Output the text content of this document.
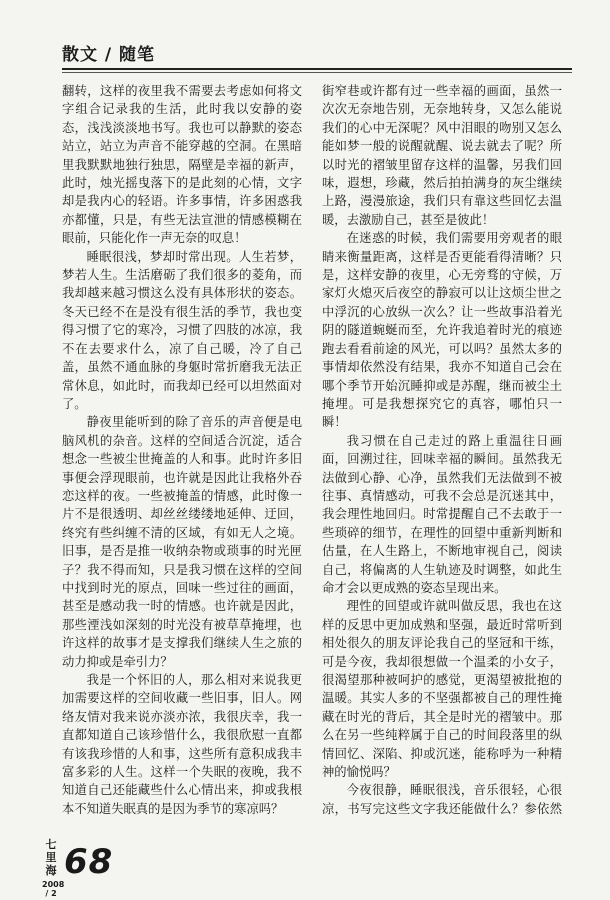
散文 / 随笔

翻转，这样的夜里我不需要去考虑如何将文字组合记录我的生活，此时我以安静的姿态，浅浅淡淡地书写。我也可以静默的姿态站立，站立为声音不能穿越的空洞。在黑暗里我默默地独行独思，隔壁是幸福的新声，此时，烛光摇曳落下的是此刻的心情，文字却是我内心的轻语。许多事情，许多困惑我亦都懂，只是，有些无法宣泄的情感模糊在眼前，只能化作一声无奈的叹息！

睡眠很浅，梦却时常出现。人生若梦，梦若人生。生活磨砺了我们很多的菱角，而我却越来越习惯这么没有具体形状的姿态。冬天已经不在是没有很生活的季节，我也变得习惯了它的寒冷，习惯了四肢的冰凉，我不在去要求什么，凉了自己暖，冷了自己盖，虽然不通血脉的身躯时常折磨我无法正常休息，如此时，而我却已经可以坦然面对了。

静夜里能听到的除了音乐的声音便是电脑风机的杂音。这样的空间适合沉淀，适合想念一些被尘世掩盖的人和事。此时许多旧事便会浮现眼前，也许就是因此让我格外吞恋这样的夜。一些被掩盖的情感，此时像一片不是很透明、却丝丝缕缕地延伸、迂回，终究有些纠缠不清的区域，有如无人之境。旧事，是否是推一收纳杂物或琐事的时光匣子？我不得而知，只是我习惯在这样的空间中找到时光的原点，回味一些过往的画面，甚至是感动我一时的情感。也许就是因此，那些湮浅如深刻的时光没有被草草掩埋，也许这样的故事才是支撑我们继续人生之旅的动力抑或是牵引力？

我是一个怀旧的人，那么相对来说我更加需要这样的空间收藏一些旧事，旧人。网络友情对我来说亦淡亦浓，我很庆幸，我一直都知道自己该珍惜什么，我很欣慰一直都有该我珍惜的人和事，这些所有意积成我丰富多彩的人生。这样一个失眠的夜晚，我不知道自己还能藏些什么心情出来，抑或我根本不知道失眠真的是因为季节的寒凉吗？

街窄巷或许都有过一些幸福的画面，虽然一次次无奈地告别，无奈地转身，又怎么能说我们的心中无深呢？风中泪眼的吻别又怎么能如梦一般的说醒就醒、说去就去了呢？所以时光的褶皱里留存这样的温馨，另我们回味，遐想，珍藏，然后拍拍满身的灰尘继续上路，漫漫旅途，我们只有靠这些回忆去温暖，去激励自己，甚至是彼此！

在迷惑的时候，我们需要用旁观者的眼睛来衡量距离，这样是否更能看得清晰？只是，这样安静的夜里，心无旁骛的守候，万家灯火熄灭后夜空的静寂可以让这烦尘世之中浮沉的心放纵一次么？让一些故事沿着光阴的隧道蜿蜒而至，允许我追着时光的痕迹跑去看看前途的风光，可以吗？虽然太多的事情却依然没有结果，我亦不知道自己会在哪个季节开始沉睡抑或是苏醒，继而被尘土掩埋。可是我想探究它的真容，哪怕只一瞬！

我习惯在自己走过的路上重温往日画面，回溯过往，回味幸福的瞬间。虽然我无法做到心静、心净，虽然我们无法做到不被往事、真情感动，可我不会总是沉迷其中，我会理性地回归。时常提醒自己不去敢于一些琐碎的细节，在理性的回望中重新判断和估量，在人生路上，不断地审视自己，阅读自己，将偏离的人生轨迹及时调整，如此生命才会以更成熟的姿态呈现出来。

理性的回望或许就叫做反思，我也在这样的反思中更加成熟和坚强，最近时常听到相处很久的朋友评论我自己的坚冠和干练，可是今夜，我却很想做一个温柔的小女子，很渴望那种被呵护的感觉，更渴望被批抱的温暖。其实人多的不坚强都被自己的理性掩藏在时光的背后，其全是时光的褶皱中。那么在另一些纯粹属于自己的时间段落里的纵情回忆、深陷、抑或沉迷，能称呼为一种精神的愉悦吗？

今夜很静，睡眠很浅，音乐很轻，心很凉，书写完这些文字我还能做什么？参依然

七里海
2008 / 2
68
